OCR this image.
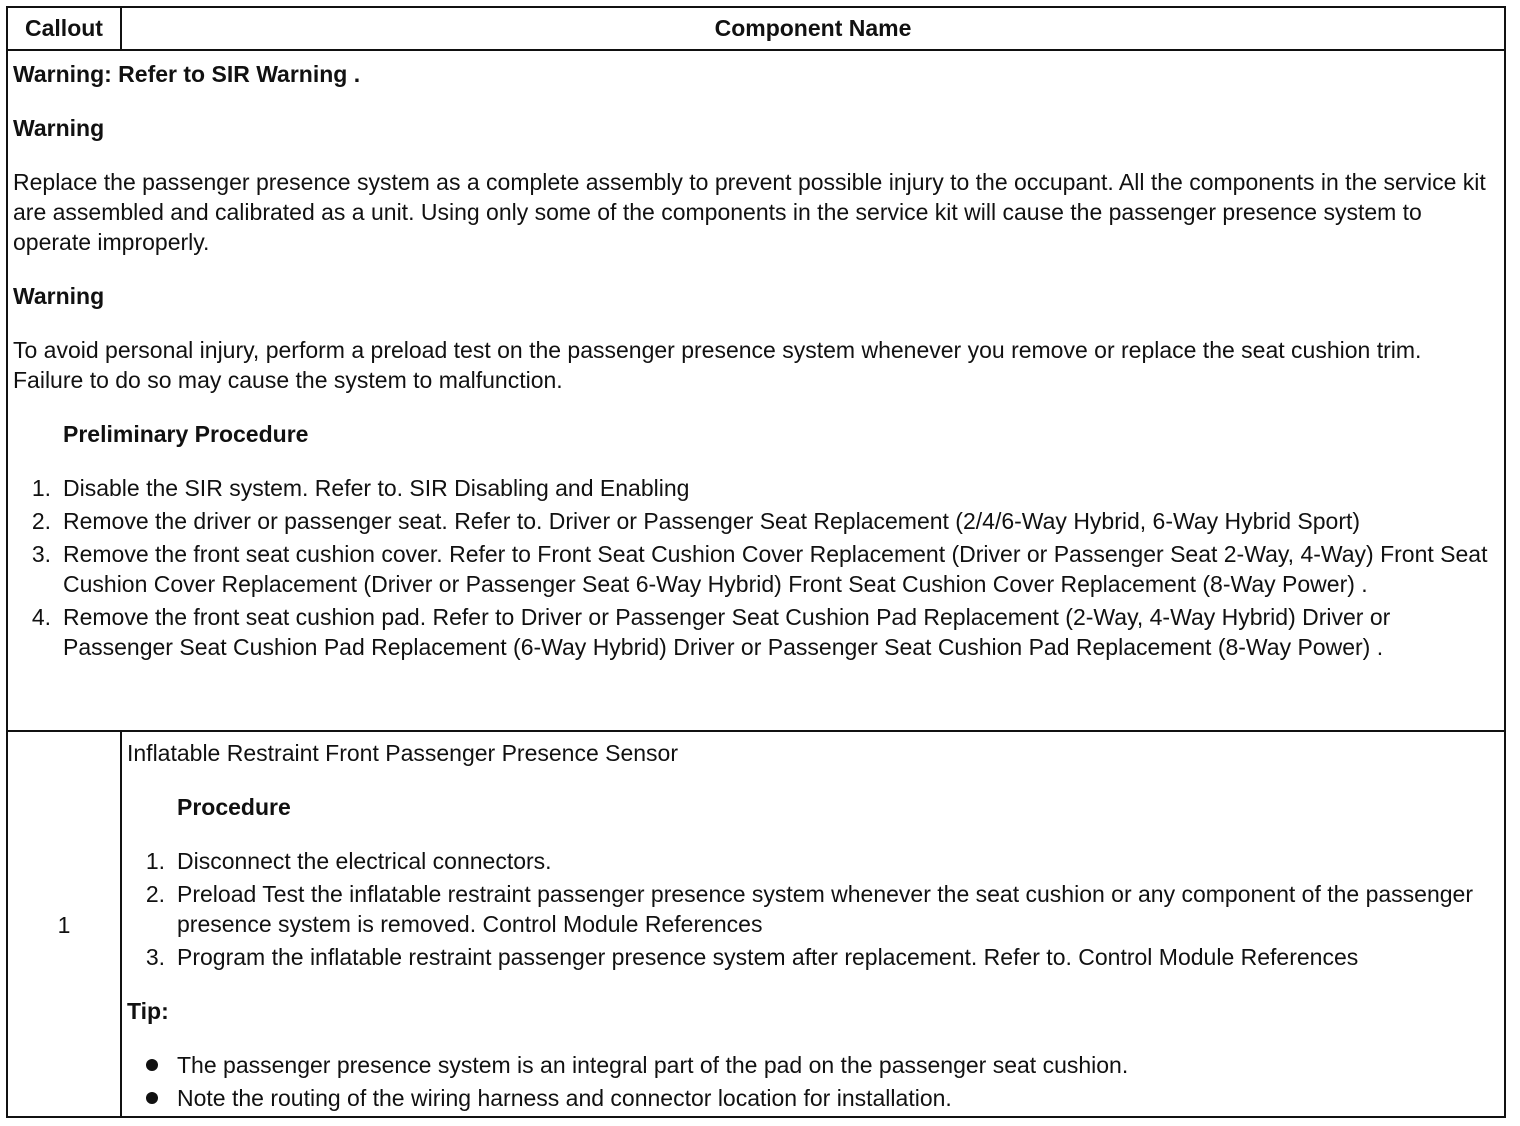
Callout	Component Name

Warning: Refer to SIR Warning .

Warning

Replace the passenger presence system as a complete assembly to prevent possible injury to the occupant. All the components in the service kit are assembled and calibrated as a unit. Using only some of the components in the service kit will cause the passenger presence system to operate improperly.

Warning

To avoid personal injury, perform a preload test on the passenger presence system whenever you remove or replace the seat cushion trim. Failure to do so may cause the system to malfunction.

Preliminary Procedure

1. Disable the SIR system. Refer to. SIR Disabling and Enabling
2. Remove the driver or passenger seat. Refer to. Driver or Passenger Seat Replacement (2/4/6-Way Hybrid, 6-Way Hybrid Sport)
3. Remove the front seat cushion cover. Refer to Front Seat Cushion Cover Replacement (Driver or Passenger Seat 2-Way, 4-Way) Front Seat Cushion Cover Replacement (Driver or Passenger Seat 6-Way Hybrid) Front Seat Cushion Cover Replacement (8-Way Power) .
4. Remove the front seat cushion pad. Refer to Driver or Passenger Seat Cushion Pad Replacement (2-Way, 4-Way Hybrid) Driver or Passenger Seat Cushion Pad Replacement (6-Way Hybrid) Driver or Passenger Seat Cushion Pad Replacement (8-Way Power) .
1

Inflatable Restraint Front Passenger Presence Sensor

Procedure

1. Disconnect the electrical connectors.
2. Preload Test the inflatable restraint passenger presence system whenever the seat cushion or any component of the passenger presence system is removed. Control Module References
3. Program the inflatable restraint passenger presence system after replacement. Refer to. Control Module References

Tip:

The passenger presence system is an integral part of the pad on the passenger seat cushion.
Note the routing of the wiring harness and connector location for installation.
